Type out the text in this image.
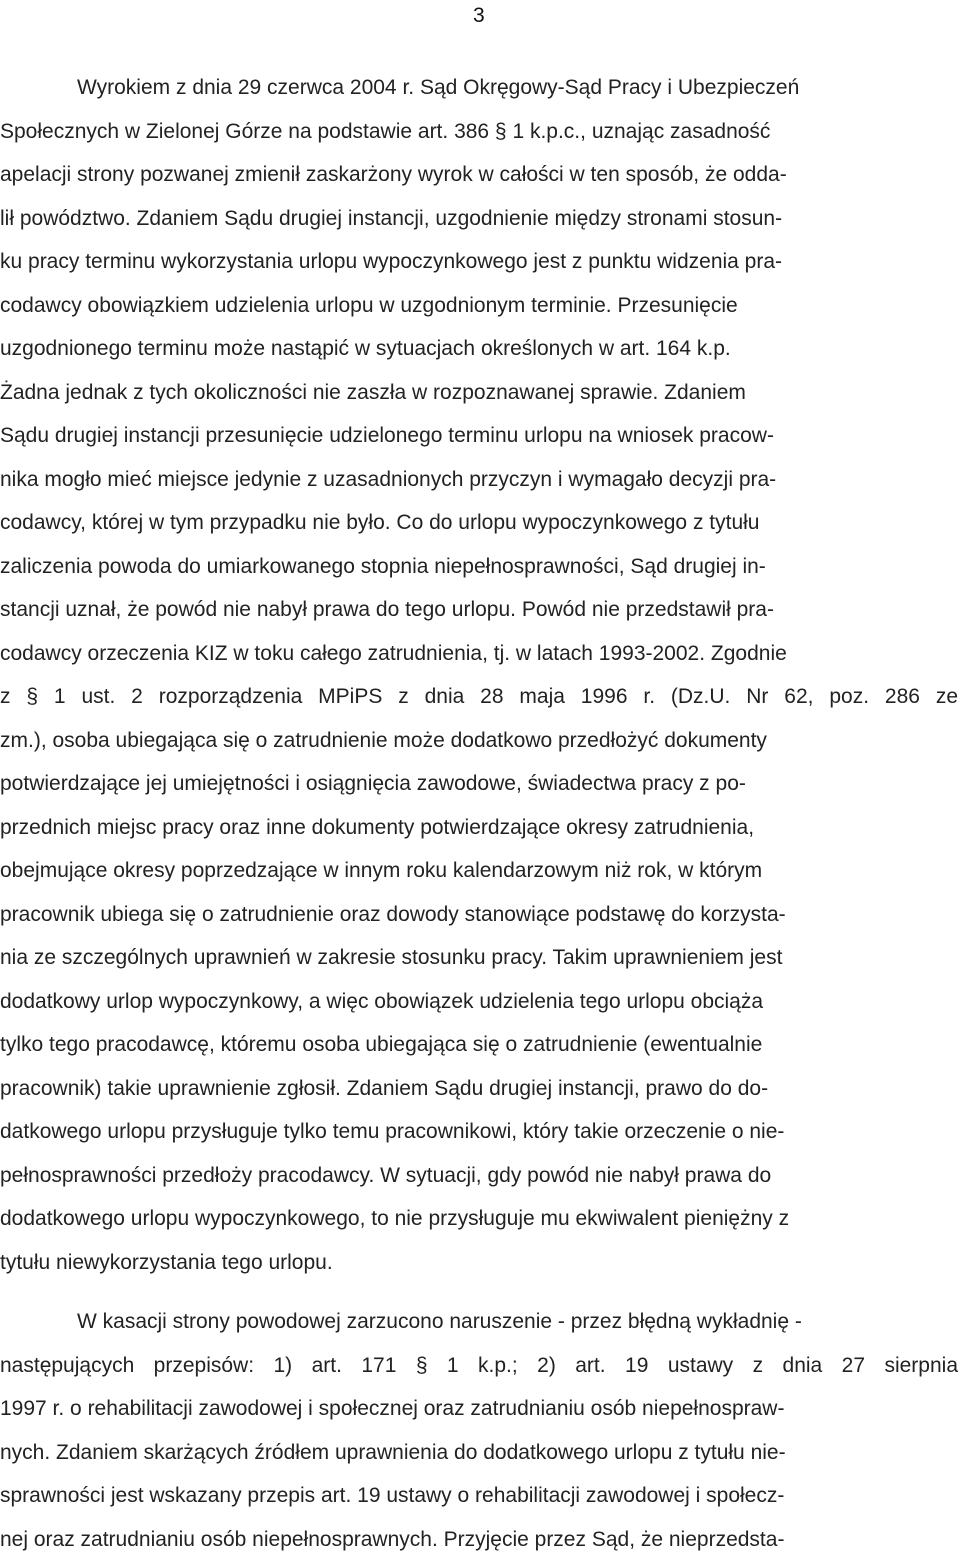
3
Wyrokiem z dnia 29 czerwca 2004 r. Sąd Okręgowy-Sąd Pracy i Ubezpieczeń
Społecznych w Zielonej Górze na podstawie art. 386 § 1 k.p.c., uznając zasadność
apelacji strony pozwanej zmienił zaskarżony wyrok w całości w ten sposób, że odda-
lił powództwo. Zdaniem Sądu drugiej instancji, uzgodnienie między stronami stosun-
ku pracy terminu wykorzystania urlopu wypoczynkowego jest z punktu widzenia pra-
codawcy obowiązkiem udzielenia urlopu w uzgodnionym terminie. Przesunięcie
uzgodnionego terminu może nastąpić w sytuacjach określonych w art. 164 k.p.
Żadna jednak z tych okoliczności nie zaszła w rozpoznawanej sprawie. Zdaniem
Sądu drugiej instancji przesunięcie udzielonego terminu urlopu na wniosek pracow-
nika mogło mieć miejsce jedynie z uzasadnionych przyczyn i wymagało decyzji pra-
codawcy, której w tym przypadku nie było. Co do urlopu wypoczynkowego z tytułu
zaliczenia powoda do umiarkowanego stopnia niepełnosprawności, Sąd drugiej in-
stancji uznał, że powód nie nabył prawa do tego urlopu. Powód nie przedstawił pra-
codawcy orzeczenia KIZ w toku całego zatrudnienia, tj. w latach 1993-2002. Zgodnie
z § 1 ust. 2 rozporządzenia MPiPS z dnia 28 maja 1996 r. (Dz.U. Nr 62, poz. 286 ze
zm.), osoba ubiegająca się o zatrudnienie może dodatkowo przedłożyć dokumenty
potwierdzające jej umiejętności i osiągnięcia zawodowe, świadectwa pracy z po-
przednich miejsc pracy oraz inne dokumenty potwierdzające okresy zatrudnienia,
obejmujące okresy poprzedzające w innym roku kalendarzowym niż rok, w którym
pracownik ubiega się o zatrudnienie oraz dowody stanowiące podstawę do korzysta-
nia ze szczególnych uprawnień w zakresie stosunku pracy. Takim uprawnieniem jest
dodatkowy urlop wypoczynkowy, a więc obowiązek udzielenia tego urlopu obciąża
tylko tego pracodawcę, któremu osoba ubiegająca się o zatrudnienie (ewentualnie
pracownik) takie uprawnienie zgłosił. Zdaniem Sądu drugiej instancji, prawo do do-
datkowego urlopu przysługuje tylko temu pracownikowi, który takie orzeczenie o nie-
pełnosprawności przedłoży pracodawcy. W sytuacji, gdy powód nie nabył prawa do
dodatkowego urlopu wypoczynkowego, to nie przysługuje mu ekwiwalent pieniężny z
tytułu niewykorzystania tego urlopu.
W kasacji strony powodowej zarzucono naruszenie - przez błędną wykładnię -
następujących przepisów: 1) art. 171 § 1 k.p.; 2) art. 19 ustawy z dnia 27 sierpnia
1997 r. o rehabilitacji zawodowej i społecznej oraz zatrudnianiu osób niepełnospraw-
nych. Zdaniem skarżących źródłem uprawnienia do dodatkowego urlopu z tytułu nie-
sprawności jest wskazany przepis art. 19 ustawy o rehabilitacji zawodowej i społecz-
nej oraz zatrudnianiu osób niepełnosprawnych. Przyjęcie przez Sąd, że nieprzedsta-
